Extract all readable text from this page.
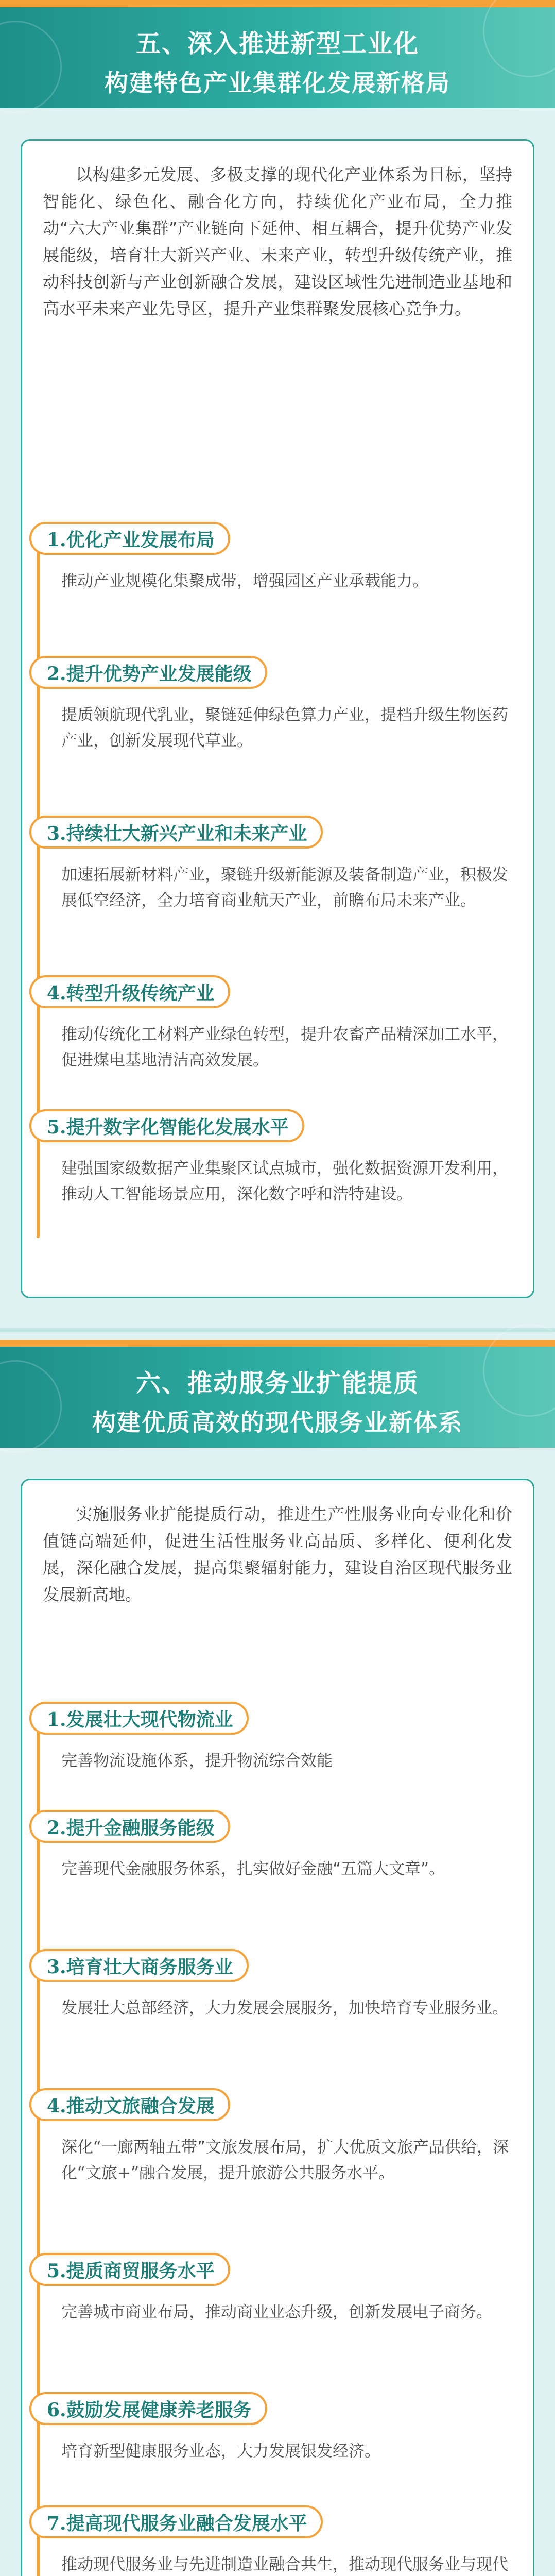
五、深入推进新型工业化
构建特色产业集群化发展新格局

以构建多元发展、多极支撑的现代化产业体系为目标，坚持智能化、绿色化、融合化方向，持续优化产业布局，全力推动“六大产业集群”产业链向下延伸、相互耦合，提升优势产业发展能级，培育壮大新兴产业、未来产业，转型升级传统产业，推动科技创新与产业创新融合发展，建设区域性先进制造业基地和高水平未来产业先导区，提升产业集群聚发展核心竞争力。

1.优化产业发展布局

推动产业规模化集聚成带，增强园区产业承载能力。

2.提升优势产业发展能级

提质领航现代乳业，聚链延伸绿色算力产业，提档升级生物医药产业，创新发展现代草业。

3.持续壮大新兴产业和未来产业

加速拓展新材料产业，聚链升级新能源及装备制造产业，积极发展低空经济，全力培育商业航天产业，前瞻布局未来产业。

4.转型升级传统产业

推动传统化工材料产业绿色转型，提升农畜产品精深加工水平，促进煤电基地清洁高效发展。

5.提升数字化智能化发展水平

建强国家级数据产业集聚区试点城市，强化数据资源开发利用，推动人工智能场景应用，深化数字呼和浩特建设。

六、推动服务业扩能提质
构建优质高效的现代服务业新体系

实施服务业扩能提质行动，推进生产性服务业向专业化和价值链高端延伸，促进生活性服务业高品质、多样化、便利化发展，深化融合发展，提高集聚辐射能力，建设自治区现代服务业发展新高地。

1.发展壮大现代物流业

完善物流设施体系，提升物流综合效能

2.提升金融服务能级

完善现代金融服务体系，扎实做好金融“五篇大文章”。

3.培育壮大商务服务业

发展壮大总部经济，大力发展会展服务，加快培育专业服务业。

4.推动文旅融合发展

深化“一廊两轴五带”文旅发展布局，扩大优质文旅产品供给，深化“文旅+”融合发展，提升旅游公共服务水平。

5.提质商贸服务水平

完善城市商业布局，推动商业业态升级，创新发展电子商务。

6.鼓励发展健康养老服务

培育新型健康服务业态，大力发展银发经济。

7.提高现代服务业融合发展水平

推动现代服务业与先进制造业融合共生，推动现代服务业与现代
